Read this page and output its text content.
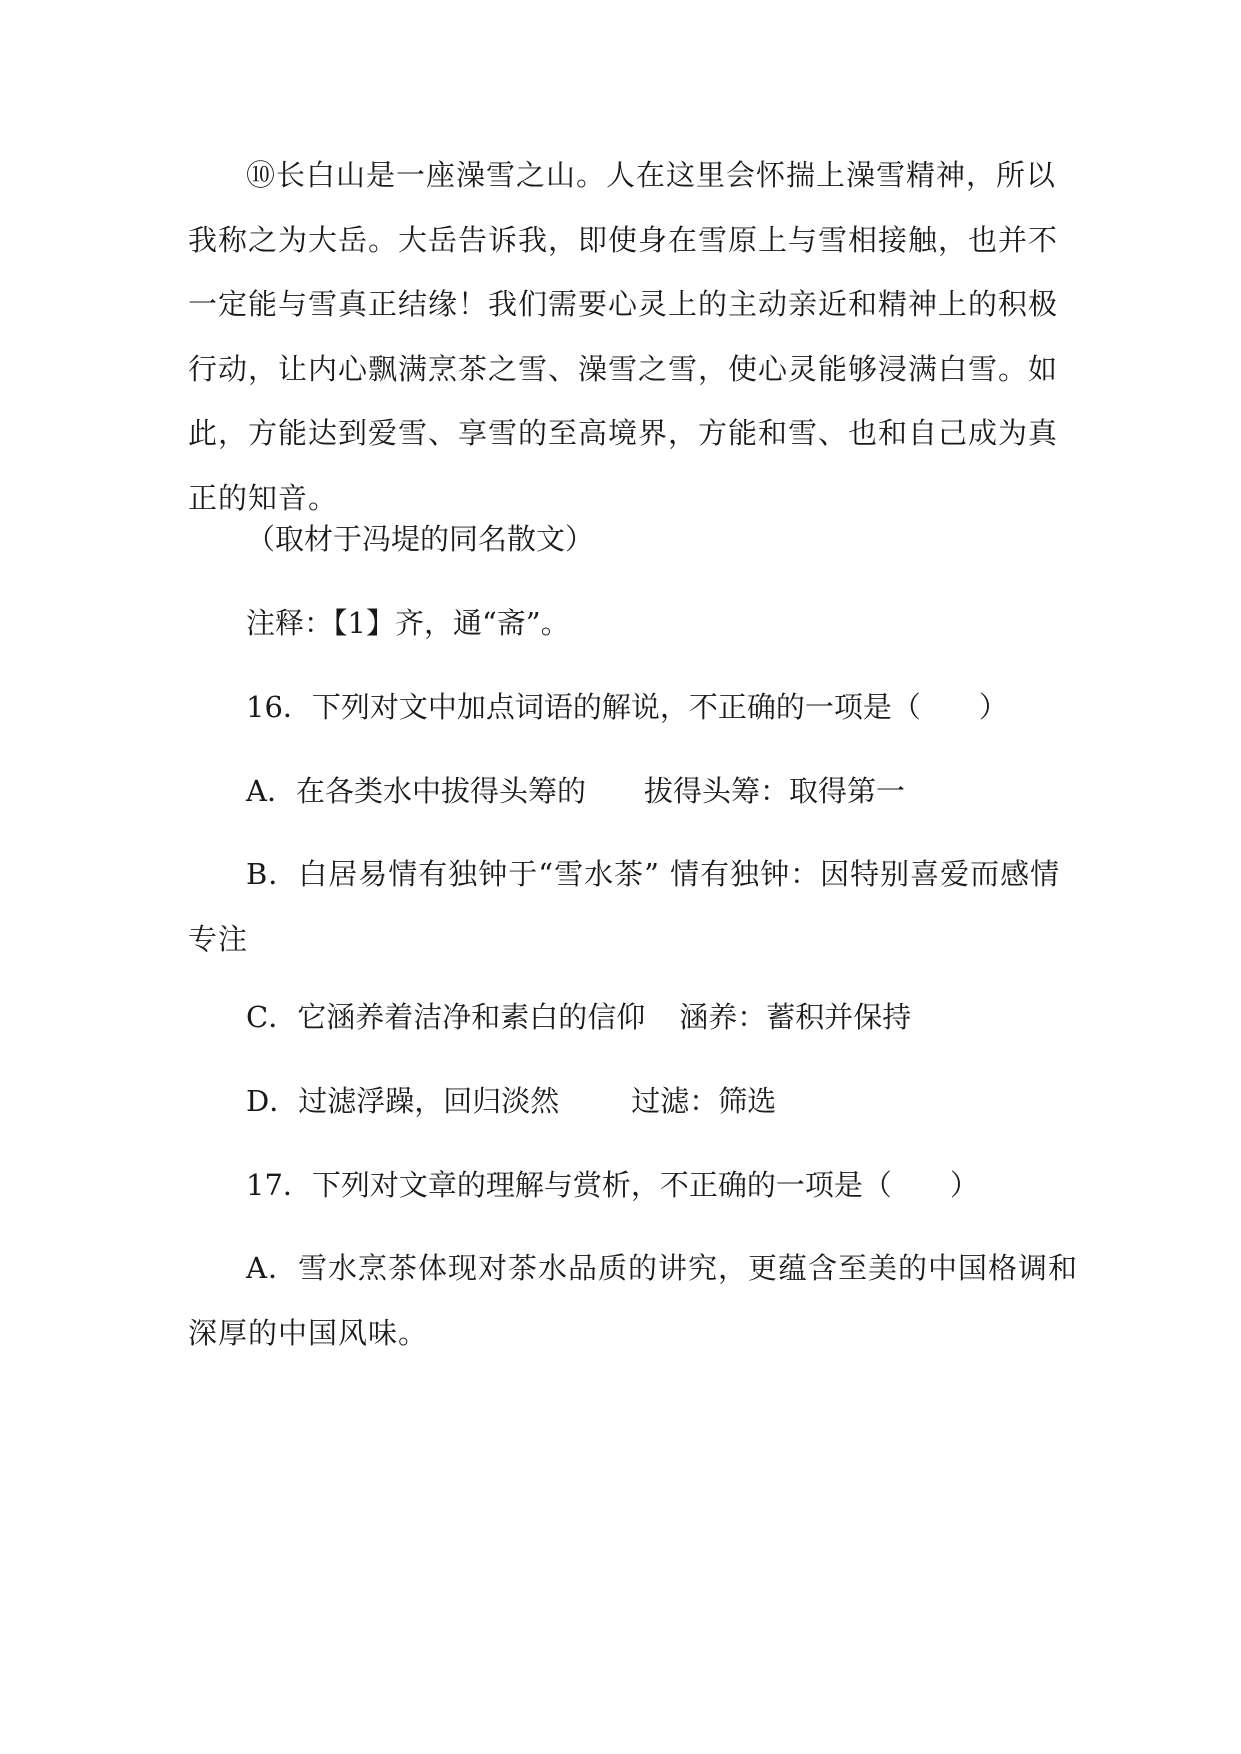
⑩长白山是一座澡雪之山。人在这里会怀揣上澡雪精神，所以我称之为大岳。大岳告诉我，即使身在雪原上与雪相接触，也并不一定能与雪真正结缘！我们需要心灵上的主动亲近和精神上的积极行动，让内心飘满烹茶之雪、澡雪之雪，使心灵能够浸满白雪。如此，方能达到爱雪、享雪的至高境界，方能和雪、也和自己成为真正的知音。

（取材于冯堤的同名散文）

注释：【1】齐，通“斋”。

16．下列对文中加点词语的解说，不正确的一项是（　　）

A．在各类水中拔得头筹的 拔得头筹：取得第一

B．白居易情有独钟于“雪水茶” 情有独钟：因特别喜爱而感情专注

C．它涵养着洁净和素白的信仰 涵养：蓄积并保持

D．过滤浮躁，回归淡然 过滤：筛选

17．下列对文章的理解与赏析，不正确的一项是（　　）

A．雪水烹茶体现对茶水品质的讲究，更蕴含至美的中国格调和深厚的中国风味。
